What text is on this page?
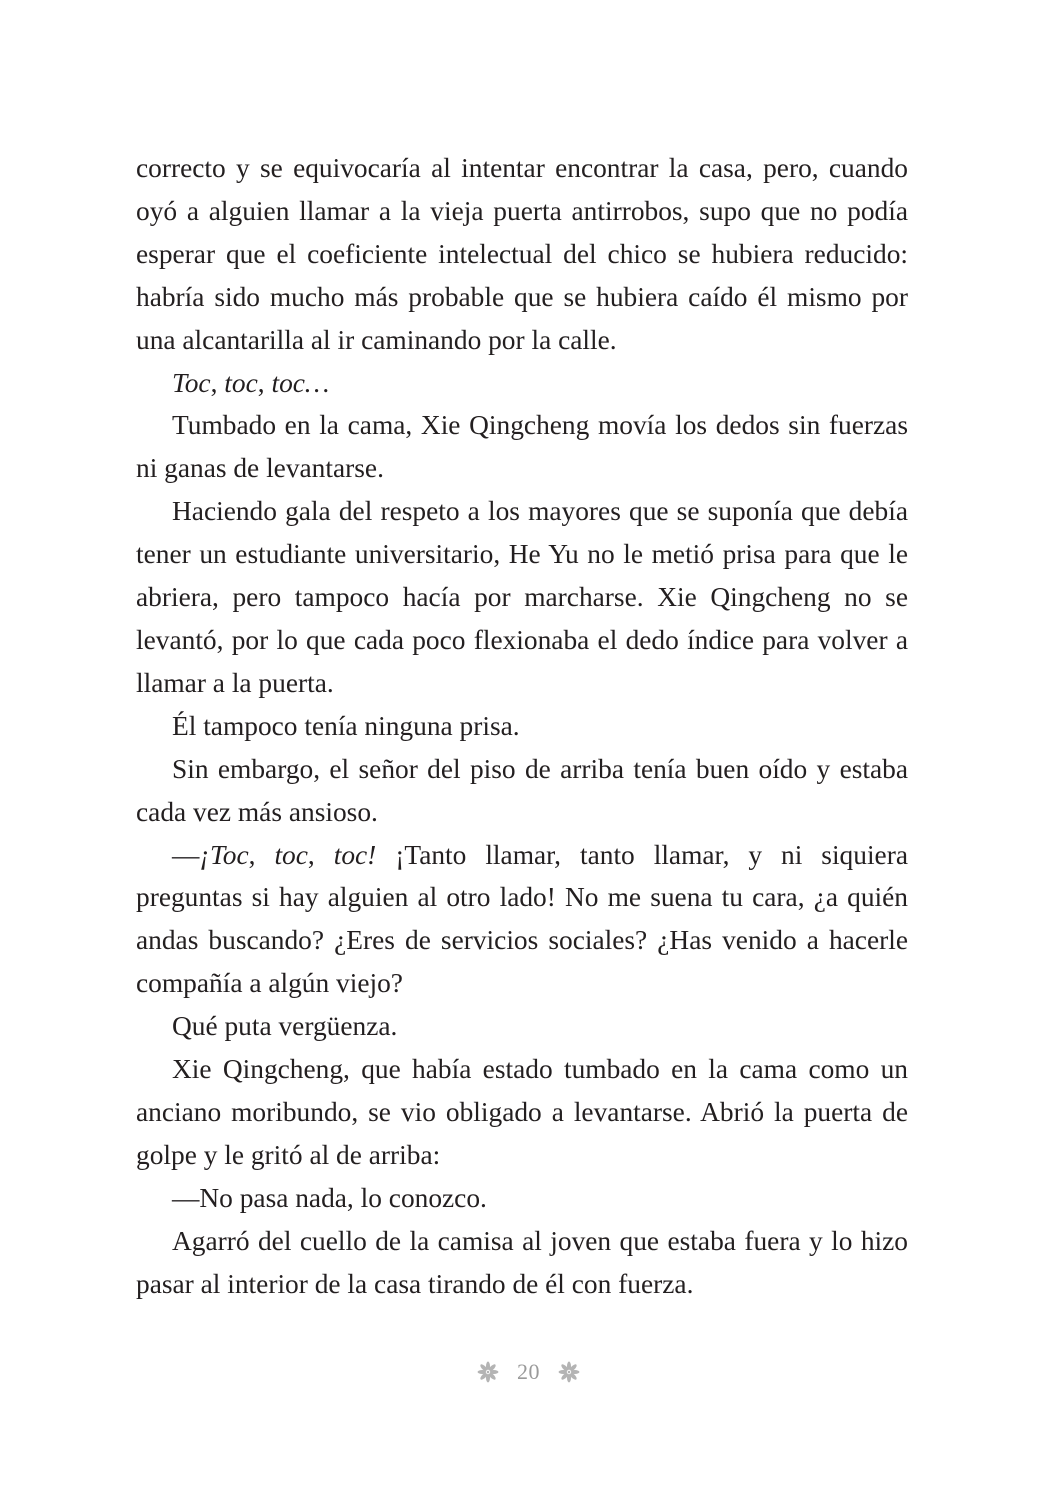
correcto y se equivocaría al intentar encontrar la casa, pero, cuando oyó a alguien llamar a la vieja puerta antirrobos, supo que no podía esperar que el coeficiente intelectual del chico se hubiera reducido: habría sido mucho más probable que se hubiera caído él mismo por una alcantarilla al ir caminando por la calle.

Toc, toc, toc…

Tumbado en la cama, Xie Qingcheng movía los dedos sin fuerzas ni ganas de levantarse.

Haciendo gala del respeto a los mayores que se suponía que debía tener un estudiante universitario, He Yu no le metió prisa para que le abriera, pero tampoco hacía por marcharse. Xie Qingcheng no se levantó, por lo que cada poco flexionaba el dedo índice para volver a llamar a la puerta.

Él tampoco tenía ninguna prisa.

Sin embargo, el señor del piso de arriba tenía buen oído y estaba cada vez más ansioso.

—¡Toc, toc, toc! ¡Tanto llamar, tanto llamar, y ni siquiera preguntas si hay alguien al otro lado! No me suena tu cara, ¿a quién andas buscando? ¿Eres de servicios sociales? ¿Has venido a hacerle compañía a algún viejo?

Qué puta vergüenza.

Xie Qingcheng, que había estado tumbado en la cama como un anciano moribundo, se vio obligado a levantarse. Abrió la puerta de golpe y le gritó al de arriba:

—No pasa nada, lo conozco.

Agarró del cuello de la camisa al joven que estaba fuera y lo hizo pasar al interior de la casa tirando de él con fuerza.

20
